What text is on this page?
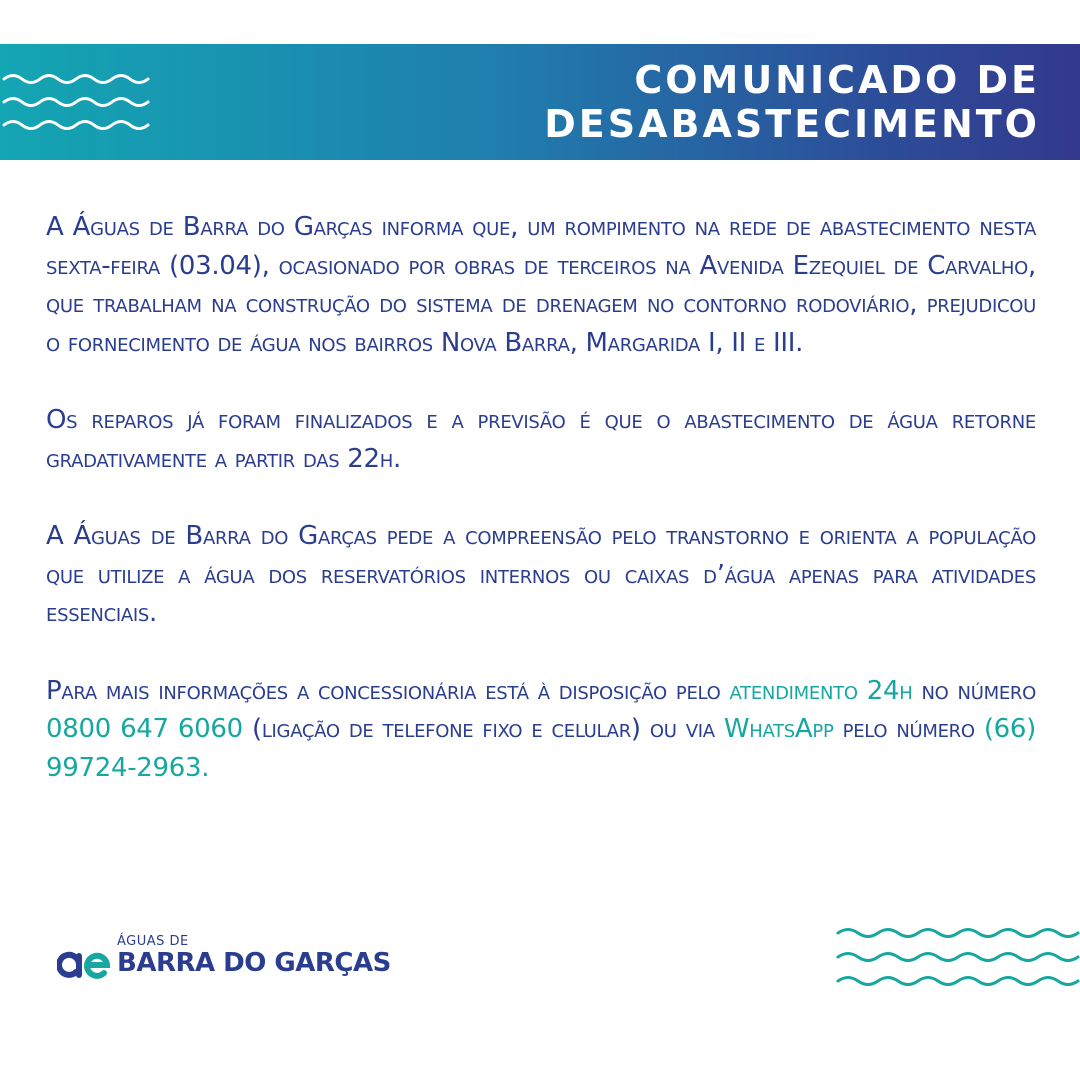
COMUNICADO DE
DESABASTECIMENTO

A Águas de Barra do Garças informa que, um rompimento na rede de abastecimento nesta sexta-feira (03.04), ocasionado por obras de terceiros na Avenida Ezequiel de Carvalho, que trabalham na construção do sistema de drenagem no contorno rodoviário, prejudicou o fornecimento de água nos bairros Nova Barra, Margarida I, II e III.

Os reparos já foram finalizados e a previsão é que o abastecimento de água retorne gradativamente a partir das 22h.

A Águas de Barra do Garças pede a compreensão pelo transtorno e orienta a população que utilize a água dos reservatórios internos ou caixas d’água apenas para atividades essenciais.

Para mais informações a concessionária está à disposição pelo atendimento 24h no número 0800 647 6060 (ligação de telefone fixo e celular) ou via WhatsApp pelo número (66) 99724-2963.

ÁGUAS DE
BARRA DO GARÇAS
